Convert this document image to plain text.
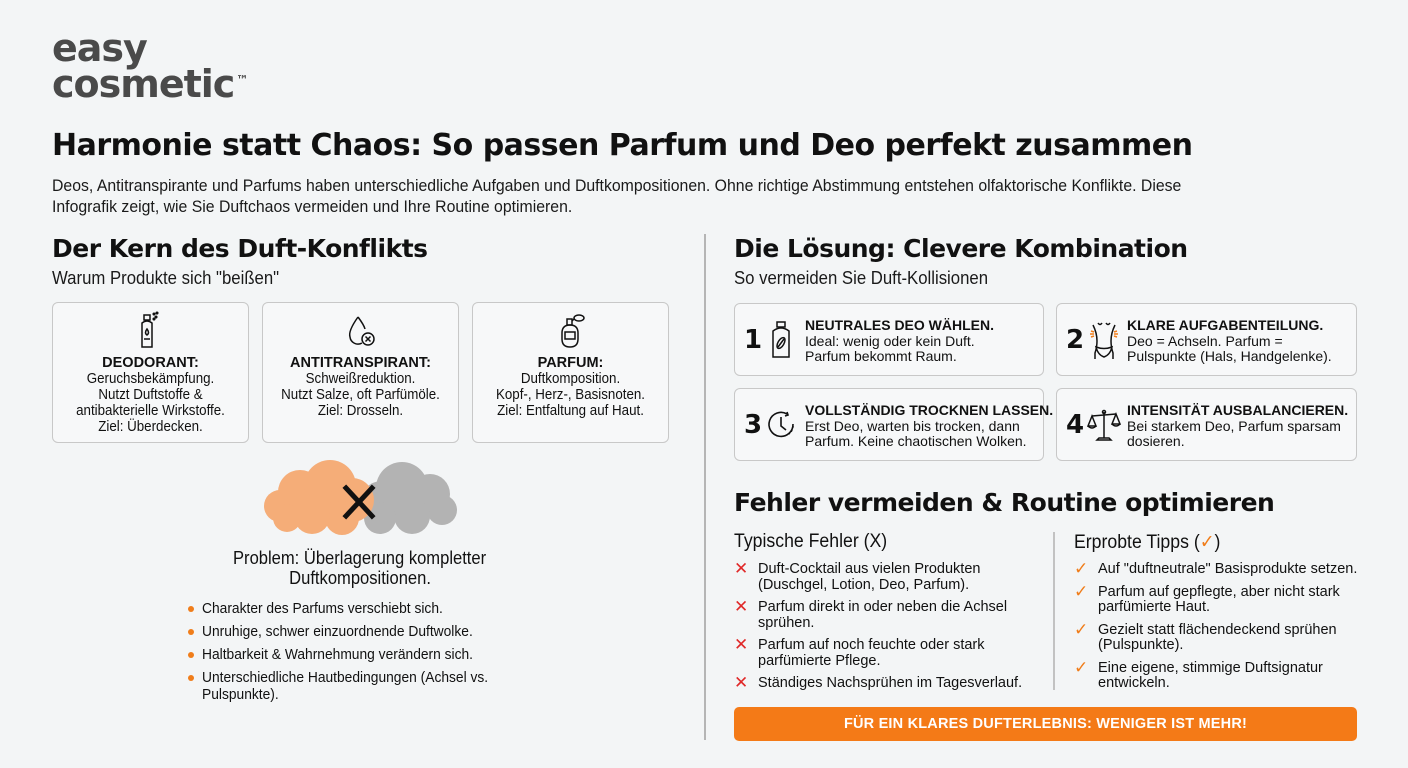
easy
cosmetic ™
Harmonie statt Chaos: So passen Parfum und Deo perfekt zusammen
Deos, Antitranspirante und Parfums haben unterschiedliche Aufgaben und Duftkompositionen. Ohne richtige Abstimmung entstehen olfaktorische Konflikte. Diese
Infografik zeigt, wie Sie Duftchaos vermeiden und Ihre Routine optimieren.
Der Kern des Duft-Konflikts
Warum Produkte sich "beißen"
DEODORANT:
Geruchsbekämpfung.
Nutzt Duftstoffe &
antibakterielle Wirkstoffe.
Ziel: Überdecken.
ANTITRANSPIRANT:
Schweißreduktion.
Nutzt Salze, oft Parfümöle.
Ziel: Drosseln.
PARFUM:
Duftkomposition.
Kopf-, Herz-, Basisnoten.
Ziel: Entfaltung auf Haut.
Problem: Überlagerung kompletter
Duftkompositionen.
Charakter des Parfums verschiebt sich.
Unruhige, schwer einzuordnende Duftwolke.
Haltbarkeit & Wahrnehmung verändern sich.
Unterschiedliche Hautbedingungen (Achsel vs. Pulspunkte).
Die Lösung: Clevere Kombination
So vermeiden Sie Duft-Kollisionen
1	NEUTRALES DEO WÄHLEN.
Ideal: wenig oder kein Duft.
Parfum bekommt Raum.
2	KLARE AUFGABENTEILUNG.
Deo = Achseln. Parfum =
Pulspunkte (Hals, Handgelenke).
3	VOLLSTÄNDIG TROCKNEN LASSEN.
Erst Deo, warten bis trocken, dann
Parfum. Keine chaotischen Wolken.
4	INTENSITÄT AUSBALANCIEREN.
Bei starkem Deo, Parfum sparsam
dosieren.
Fehler vermeiden & Routine optimieren
Typische Fehler (X)
✕ Duft-Cocktail aus vielen Produkten
(Duschgel, Lotion, Deo, Parfum).
✕ Parfum direkt in oder neben die Achsel
sprühen.
✕ Parfum auf noch feuchte oder stark
parfümierte Pflege.
✕ Ständiges Nachsprühen im Tagesverlauf.
Erprobte Tipps (✓)
✓ Auf "duftneutrale" Basisprodukte setzen.
✓ Parfum auf gepflegte, aber nicht stark
parfümierte Haut.
✓ Gezielt statt flächendeckend sprühen
(Pulspunkte).
✓ Eine eigene, stimmige Duftsignatur
entwickeln.
FÜR EIN KLARES DUFTERLEBNIS: WENIGER IST MEHR!
